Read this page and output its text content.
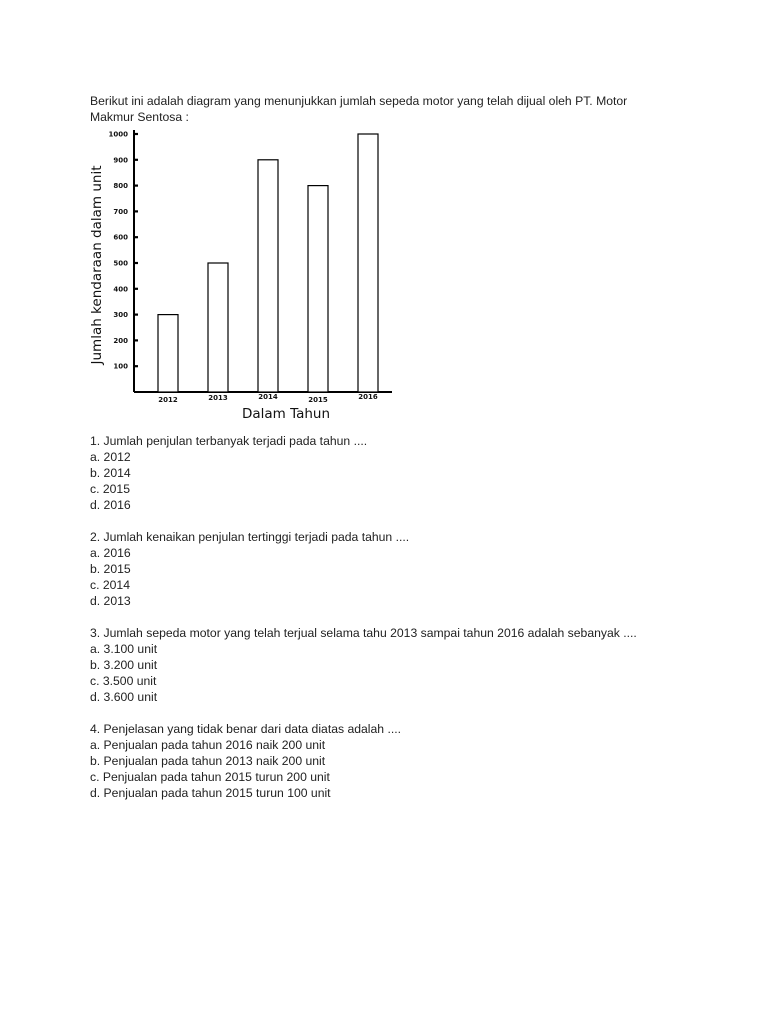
Berikut ini adalah diagram yang menunjukkan jumlah sepeda motor yang telah dijual oleh PT. Motor
Makmur Sentosa :

Jumlah kendaraan dalam unit
100
200
300
400
500
600
700
800
900
1000
2012	2013	2014	2015	2016
Dalam Tahun
1. Jumlah penjulan terbanyak terjadi pada tahun ....
a. 2012
b. 2014
c. 2015
d. 2016
2. Jumlah kenaikan penjulan tertinggi terjadi pada tahun ....
a. 2016
b. 2015
c. 2014
d. 2013
3. Jumlah sepeda motor yang telah terjual selama tahu 2013 sampai tahun 2016 adalah sebanyak ....
a. 3.100 unit
b. 3.200 unit
c. 3.500 unit
d. 3.600 unit
4. Penjelasan yang tidak benar dari data diatas adalah ....
a. Penjualan pada tahun 2016 naik 200 unit
b. Penjualan pada tahun 2013 naik 200 unit
c. Penjualan pada tahun 2015 turun 200 unit
d. Penjualan pada tahun 2015 turun 100 unit
